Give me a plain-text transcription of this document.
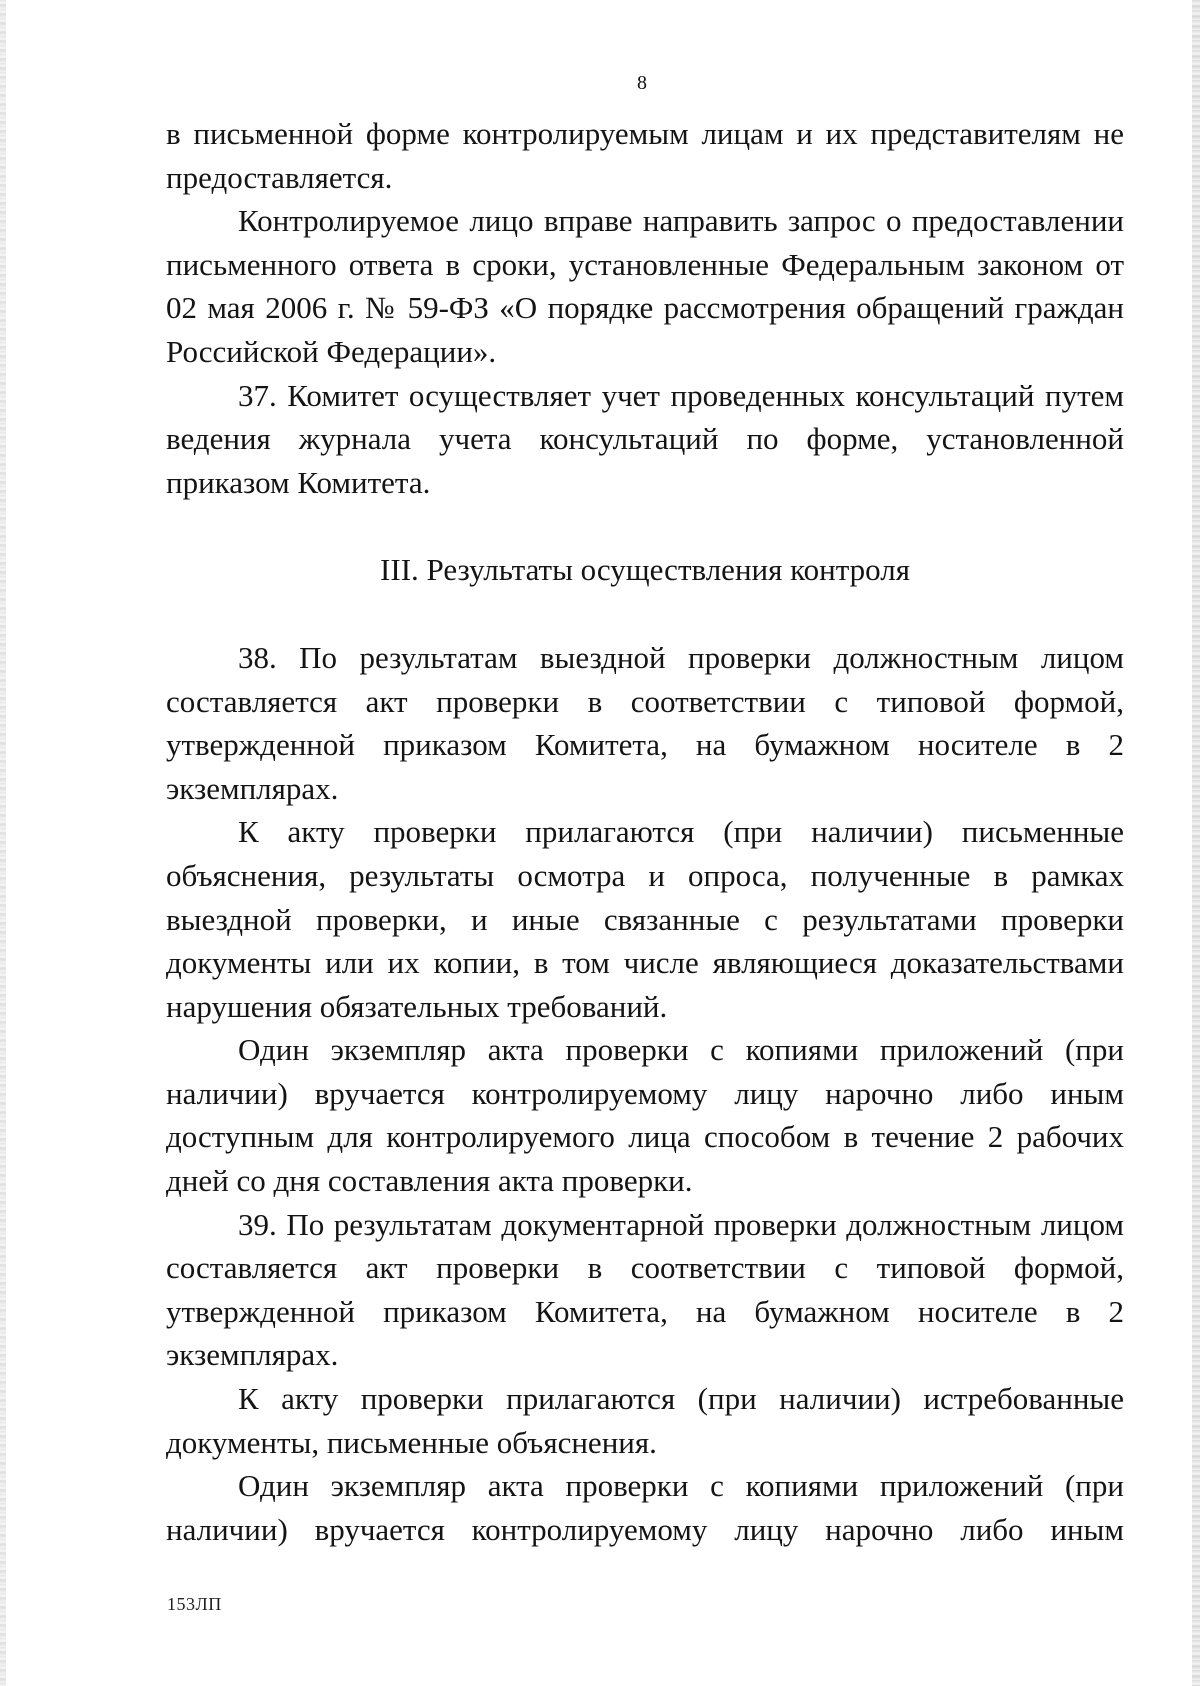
8

в письменной форме контролируемым лицам и их представителям не предоставляется.

Контролируемое лицо вправе направить запрос о предоставлении письменного ответа в сроки, установленные Федеральным законом от 02 мая 2006 г. № 59-ФЗ «О порядке рассмотрения обращений граждан Российской Федерации».

37. Комитет осуществляет учет проведенных консультаций путем ведения журнала учета консультаций по форме, установленной приказом Комитета.

III. Результаты осуществления контроля

38. По результатам выездной проверки должностным лицом составляется акт проверки в соответствии с типовой формой, утвержденной приказом Комитета, на бумажном носителе в 2 экземплярах.

К акту проверки прилагаются (при наличии) письменные объяснения, результаты осмотра и опроса, полученные в рамках выездной проверки, и иные связанные с результатами проверки документы или их копии, в том числе являющиеся доказательствами нарушения обязательных требований.

Один экземпляр акта проверки с копиями приложений (при наличии) вручается контролируемому лицу нарочно либо иным доступным для контролируемого лица способом в течение 2 рабочих дней со дня составления акта проверки.

39. По результатам документарной проверки должностным лицом составляется акт проверки в соответствии с типовой формой, утвержденной приказом Комитета, на бумажном носителе в 2 экземплярах.

К акту проверки прилагаются (при наличии) истребованные документы, письменные объяснения.

Один экземпляр акта проверки с копиями приложений (при наличии) вручается контролируемому лицу нарочно либо иным

153ЛП
